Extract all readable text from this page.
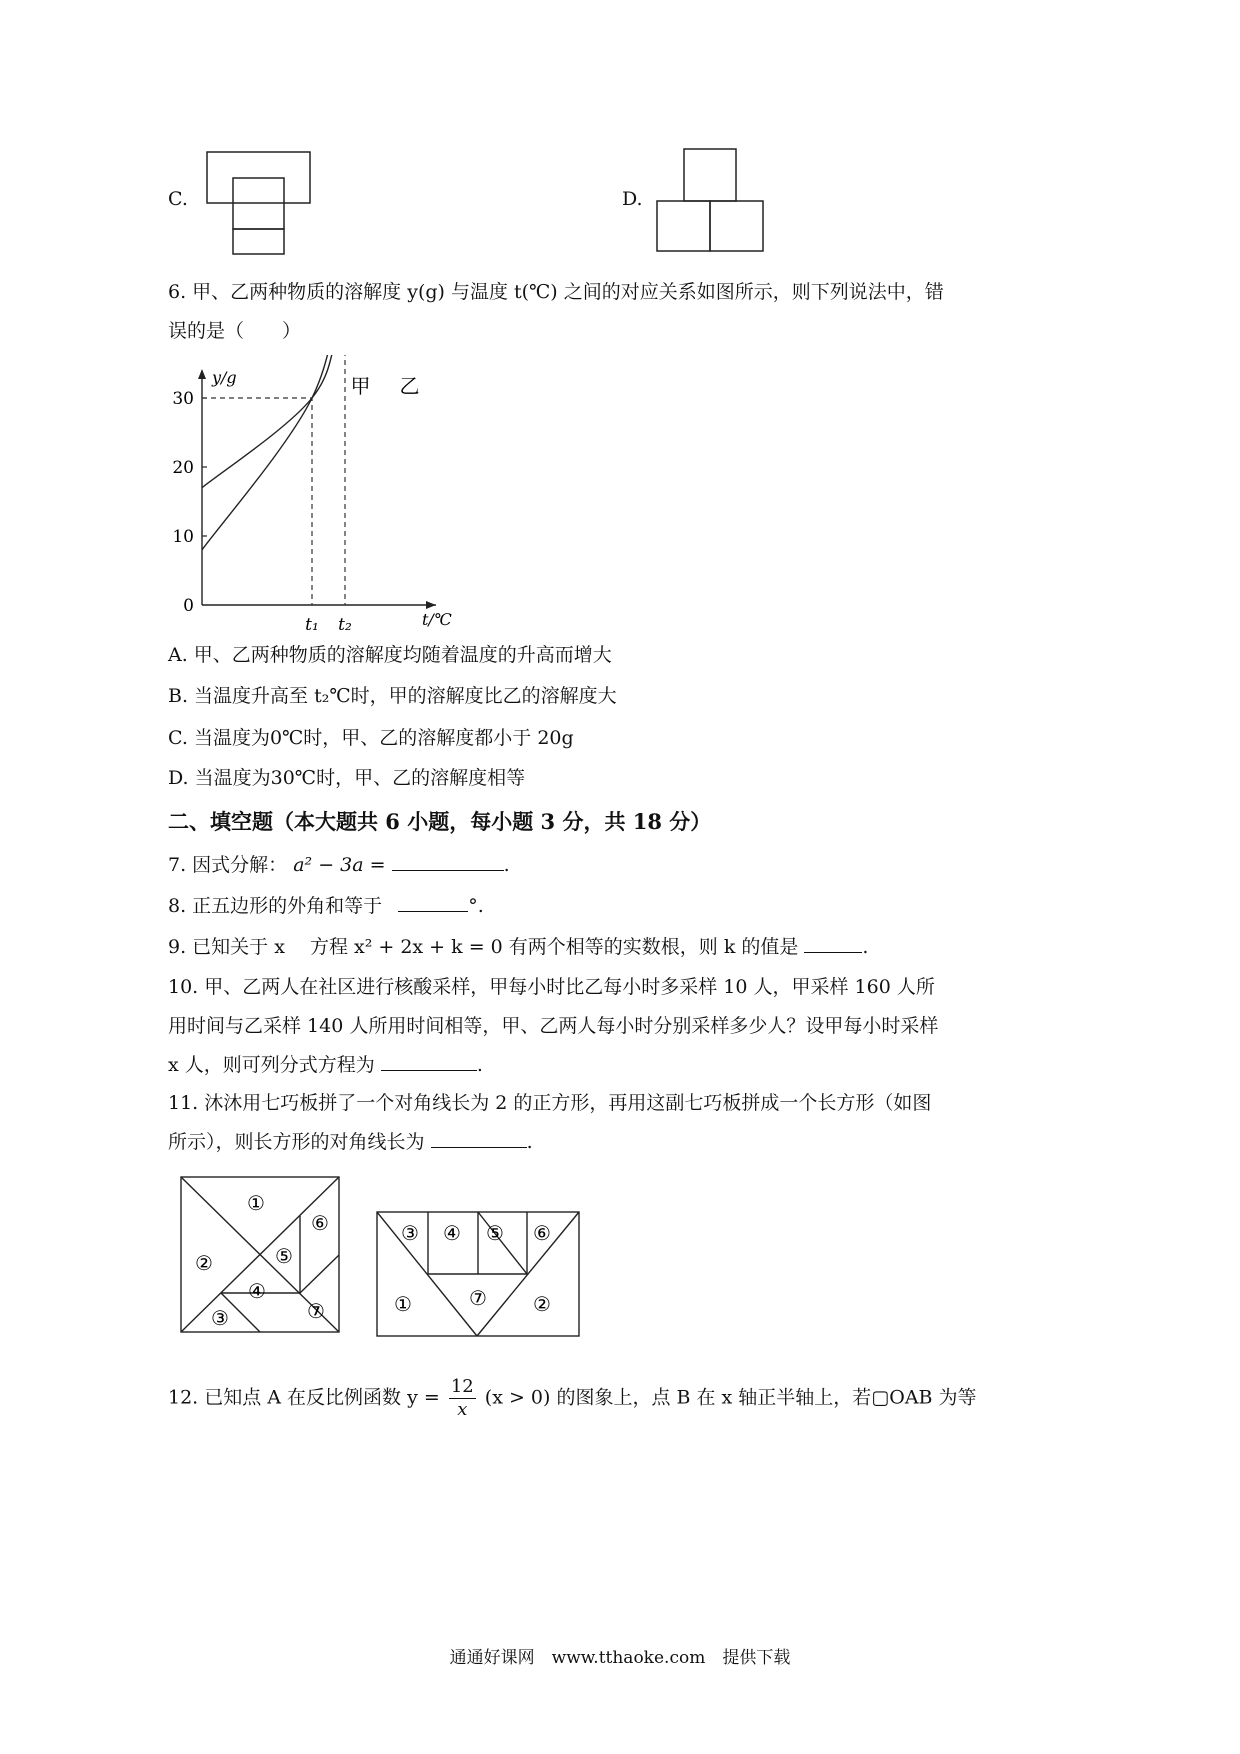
C.	D.
6. 甲、乙两种物质的溶解度 y(g) 与温度 t(℃) 之间的对应关系如图所示，则下列说法中，错
误的是（　　）
0
10
20
30
y/g
t/℃
t₁ t₂
甲 乙
A. 甲、乙两种物质的溶解度均随着温度的升高而增大
B. 当温度升高至 t₂℃时，甲的溶解度比乙的溶解度大
C. 当温度为0℃时，甲、乙的溶解度都小于 20g
D. 当温度为30℃时，甲、乙的溶解度相等
二、填空题（本大题共 6 小题，每小题 3 分，共 18 分）
7. 因式分解： a² − 3a =	.
8. 正五边形的外角和等于	°.
9. 已知关于 x 　方程 x² + 2x + k = 0 有两个相等的实数根，则 k 的值是	.
10. 甲、乙两人在社区进行核酸采样，甲每小时比乙每小时多采样 10 人，甲采样 160 人所
用时间与乙采样 140 人所用时间相等，甲、乙两人每小时分别采样多少人？设甲每小时采样
x 人，则可列分式方程为	.
11. 沐沐用七巧板拼了一个对角线长为 2 的正方形，再用这副七巧板拼成一个长方形（如图
所示），则长方形的对角线长为	.
①
②
③
④
⑤
⑥
⑦
③ ④ ⑤ ⑥
①	⑦ ②
12. 已知点 A 在反比例函数 $y = \frac{12}{x} (x > 0)$ 的图象上，点 B 在 x 轴正半轴上，若▢OAB 为等
通通好课网　www.tthaoke.com　提供下载
